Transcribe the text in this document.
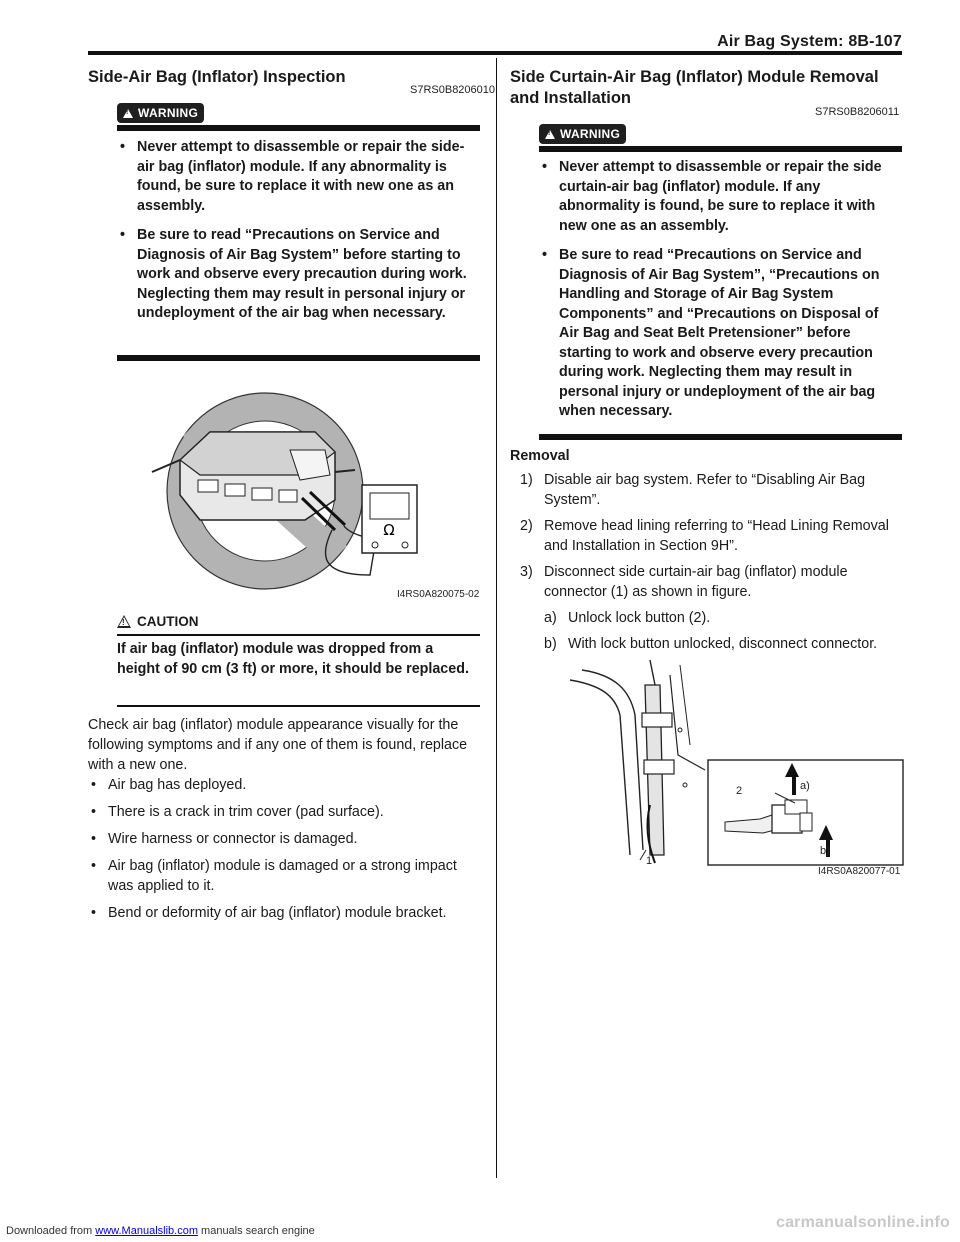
Air Bag System: 8B-107
Side-Air Bag (Inflator) Inspection
S7RS0B8206010
!
WARNING
• Never attempt to disassemble or repair the side-air bag (inflator) module. If any abnormality is found, be sure to replace it with new one as an assembly.
• Be sure to read “Precautions on Service and Diagnosis of Air Bag System” before starting to work and observe every precaution during work. Neglecting them may result in personal injury or undeployment of the air bag when necessary.
Ω
I4RS0A820075-02
! CAUTION
If air bag (inflator) module was dropped from a height of 90 cm (3 ft) or more, it should be replaced.
Check air bag (inflator) module appearance visually for the following symptoms and if any one of them is found, replace with a new one.
• Air bag has deployed.
• There is a crack in trim cover (pad surface).
• Wire harness or connector is damaged.
• Air bag (inflator) module is damaged or a strong impact was applied to it.
• Bend or deformity of air bag (inflator) module bracket.
Side Curtain-Air Bag (Inflator) Module Removal
and Installation
S7RS0B8206011
!
WARNING
• Never attempt to disassemble or repair the side curtain-air bag (inflator) module. If any abnormality is found, be sure to replace it with new one as an assembly.
• Be sure to read “Precautions on Service and Diagnosis of Air Bag System”, “Precautions on Handling and Storage of Air Bag System Components” and “Precautions on Disposal of Air Bag and Seat Belt Pretensioner” before starting to work and observe every precaution during work. Neglecting them may result in personal injury or undeployment of the air bag when necessary.
Removal
1) Disable air bag system. Refer to “Disabling Air Bag System”.
2) Remove head lining referring to “Head Lining Removal and Installation in Section 9H”.
3) Disconnect side curtain-air bag (inflator) module connector (1) as shown in figure.
a) Unlock lock button (2).
b) With lock button unlocked, disconnect connector.
2	a)
b)
1
I4RS0A820077-01
Downloaded from www.Manualslib.com manuals search engine	carmanualsonline.info
